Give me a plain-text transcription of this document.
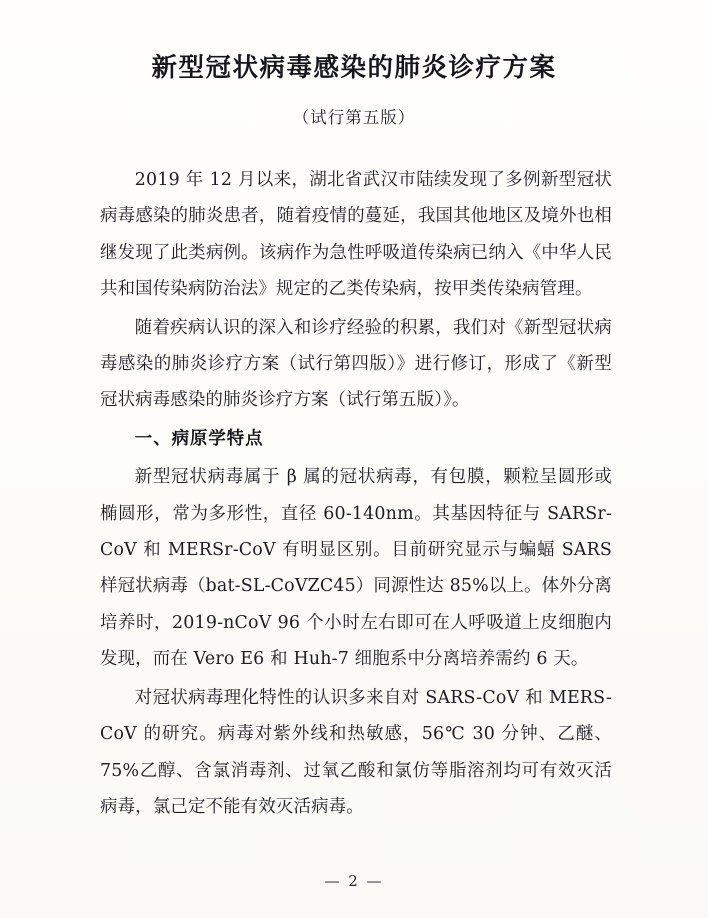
新型冠状病毒感染的肺炎诊疗方案
（试行第五版）

2019 年 12 月以来，湖北省武汉市陆续发现了多例新型冠状病毒感染的肺炎患者，随着疫情的蔓延，我国其他地区及境外也相继发现了此类病例。该病作为急性呼吸道传染病已纳入《中华人民共和国传染病防治法》规定的乙类传染病，按甲类传染病管理。

随着疾病认识的深入和诊疗经验的积累，我们对《新型冠状病毒感染的肺炎诊疗方案（试行第四版）》进行修订，形成了《新型冠状病毒感染的肺炎诊疗方案（试行第五版）》。

一、病原学特点

新型冠状病毒属于 β 属的冠状病毒，有包膜，颗粒呈圆形或椭圆形，常为多形性，直径 60-140nm。其基因特征与 SARSr-CoV 和 MERSr-CoV 有明显区别。目前研究显示与蝙蝠 SARS 样冠状病毒（bat-SL-CoVZC45）同源性达 85%以上。体外分离培养时，2019-nCoV 96 个小时左右即可在人呼吸道上皮细胞内发现，而在 Vero E6 和 Huh-7 细胞系中分离培养需约 6 天。

对冠状病毒理化特性的认识多来自对 SARS-CoV 和 MERS-CoV 的研究。病毒对紫外线和热敏感，56℃ 30 分钟、乙醚、75%乙醇、含氯消毒剂、过氧乙酸和氯仿等脂溶剂均可有效灭活病毒，氯己定不能有效灭活病毒。

— 2 —
